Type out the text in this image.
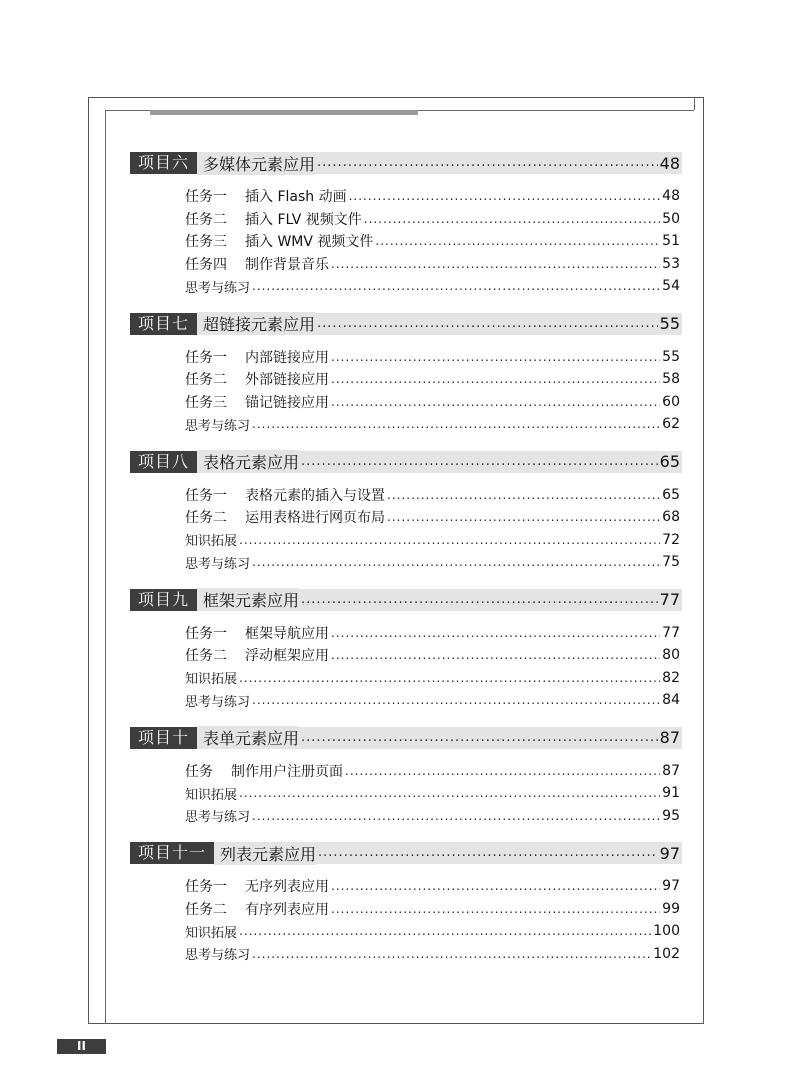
项目六 多媒体元素应用 .....	48
任务一 插入 Flash 动画 .....	48
任务二 插入 FLV 视频文件 .....	50
任务三 插入 WMV 视频文件 .....	51
任务四 制作背景音乐 .....	53
思考与练习 .....	54
项目七 超链接元素应用 .....	55
任务一 内部链接应用 .....	55
任务二 外部链接应用 .....	58
任务三 锚记链接应用 .....	60
思考与练习 .....	62
项目八 表格元素应用 .....	65
任务一 表格元素的插入与设置 .....	65
任务二 运用表格进行网页布局 .....	68
知识拓展 .....	72
思考与练习 .....	75
项目九 框架元素应用 .....	77
任务一 框架导航应用 .....	77
任务二 浮动框架应用 .....	80
知识拓展 .....	82
思考与练习 .....	84
项目十 表单元素应用 .....	87
任务 制作用户注册页面 .....	87
知识拓展 .....	91
思考与练习 .....	95
项目十一 列表元素应用 .....	97
任务一 无序列表应用 .....	97
任务二 有序列表应用 .....	99
知识拓展 .....	100
思考与练习 .....	102
II
